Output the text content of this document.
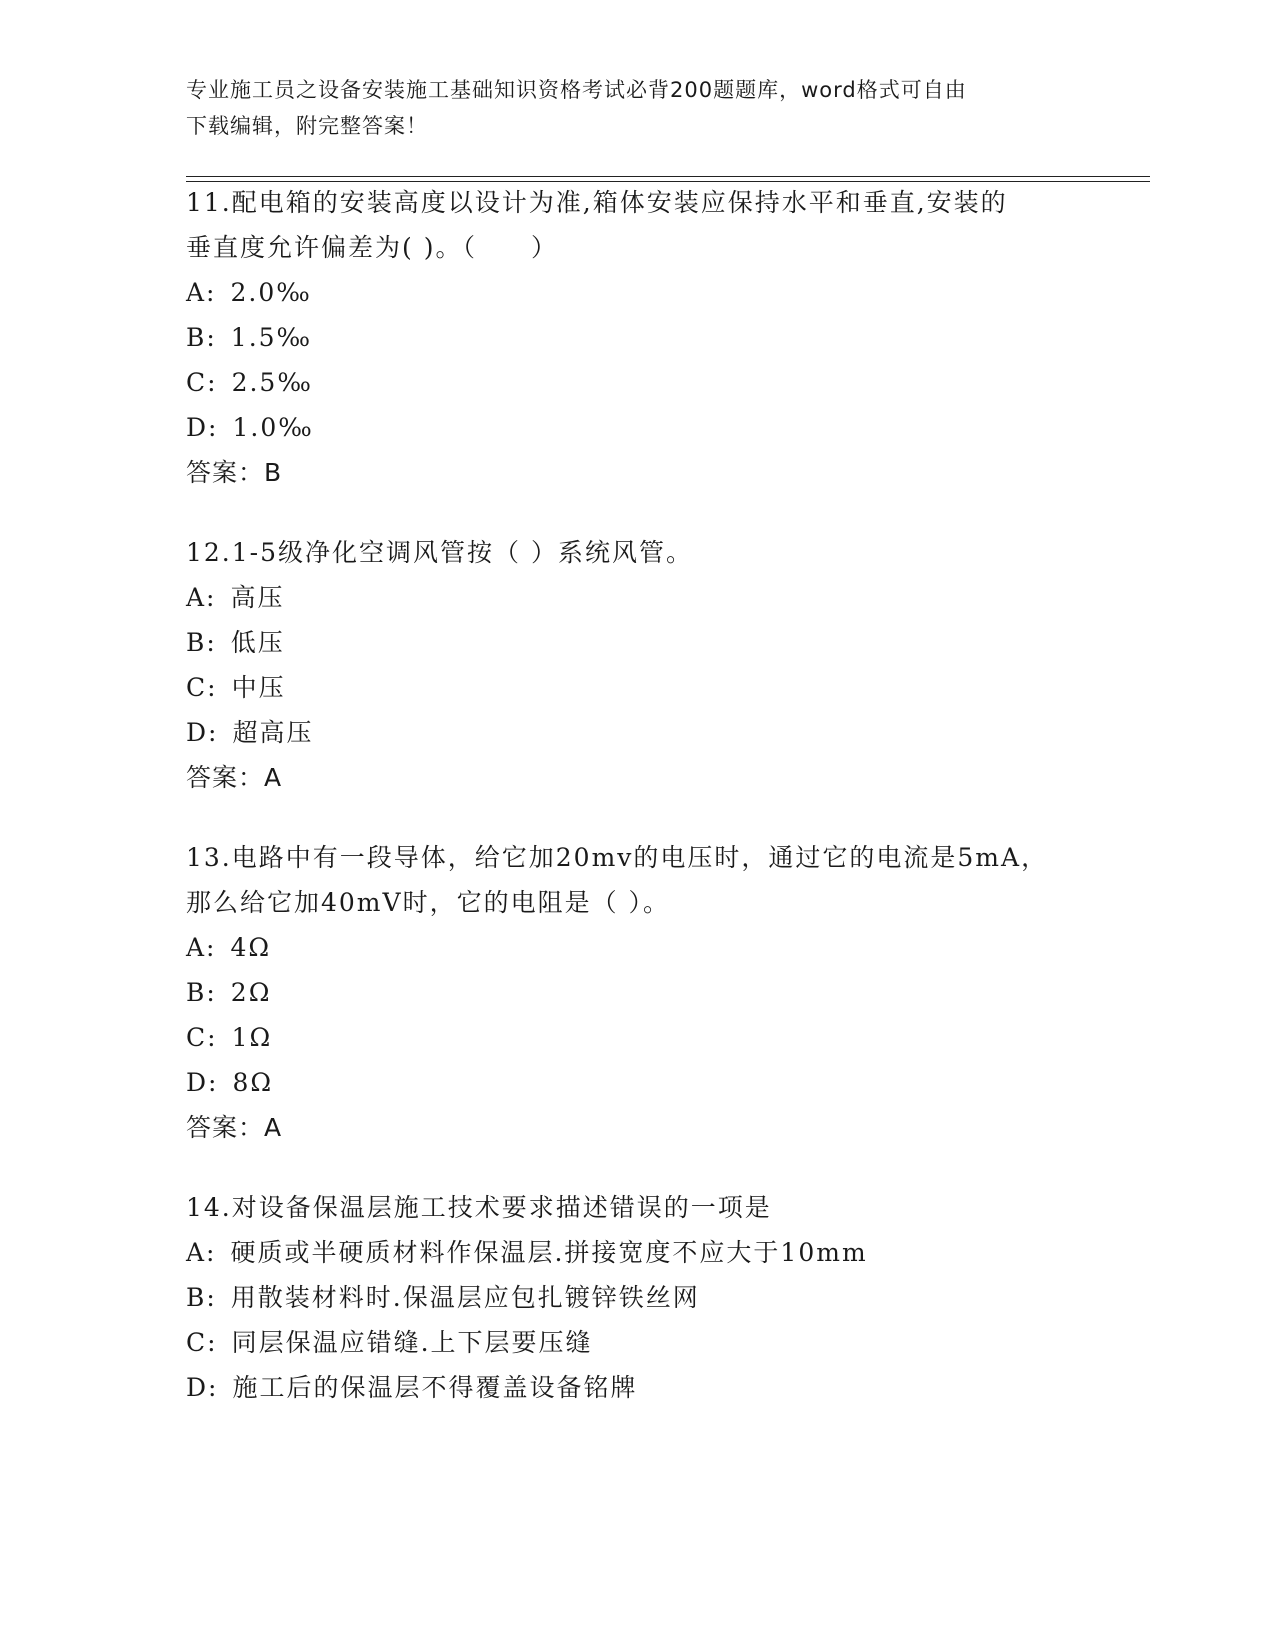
专业施工员之设备安装施工基础知识资格考试必背200题题库，word格式可自由
下载编辑，附完整答案！
11.配电箱的安装高度以设计为准,箱体安装应保持水平和垂直,安装的
垂直度允许偏差为( )。（　　）
A: 2.0‰
B: 1.5‰
C: 2.5‰
D: 1.0‰
答案：B
12.1-5级净化空调风管按（ ）系统风管。
A: 高压
B: 低压
C: 中压
D: 超高压
答案：A
13.电路中有一段导体，给它加20mv的电压时，通过它的电流是5mA，
那么给它加40mV时，它的电阻是（ ）。
A: 4Ω
B: 2Ω
C: 1Ω
D: 8Ω
答案：A
14.对设备保温层施工技术要求描述错误的一项是
A: 硬质或半硬质材料作保温层.拼接宽度不应大于10mm
B: 用散装材料时.保温层应包扎镀锌铁丝网
C: 同层保温应错缝.上下层要压缝
D: 施工后的保温层不得覆盖设备铭牌
